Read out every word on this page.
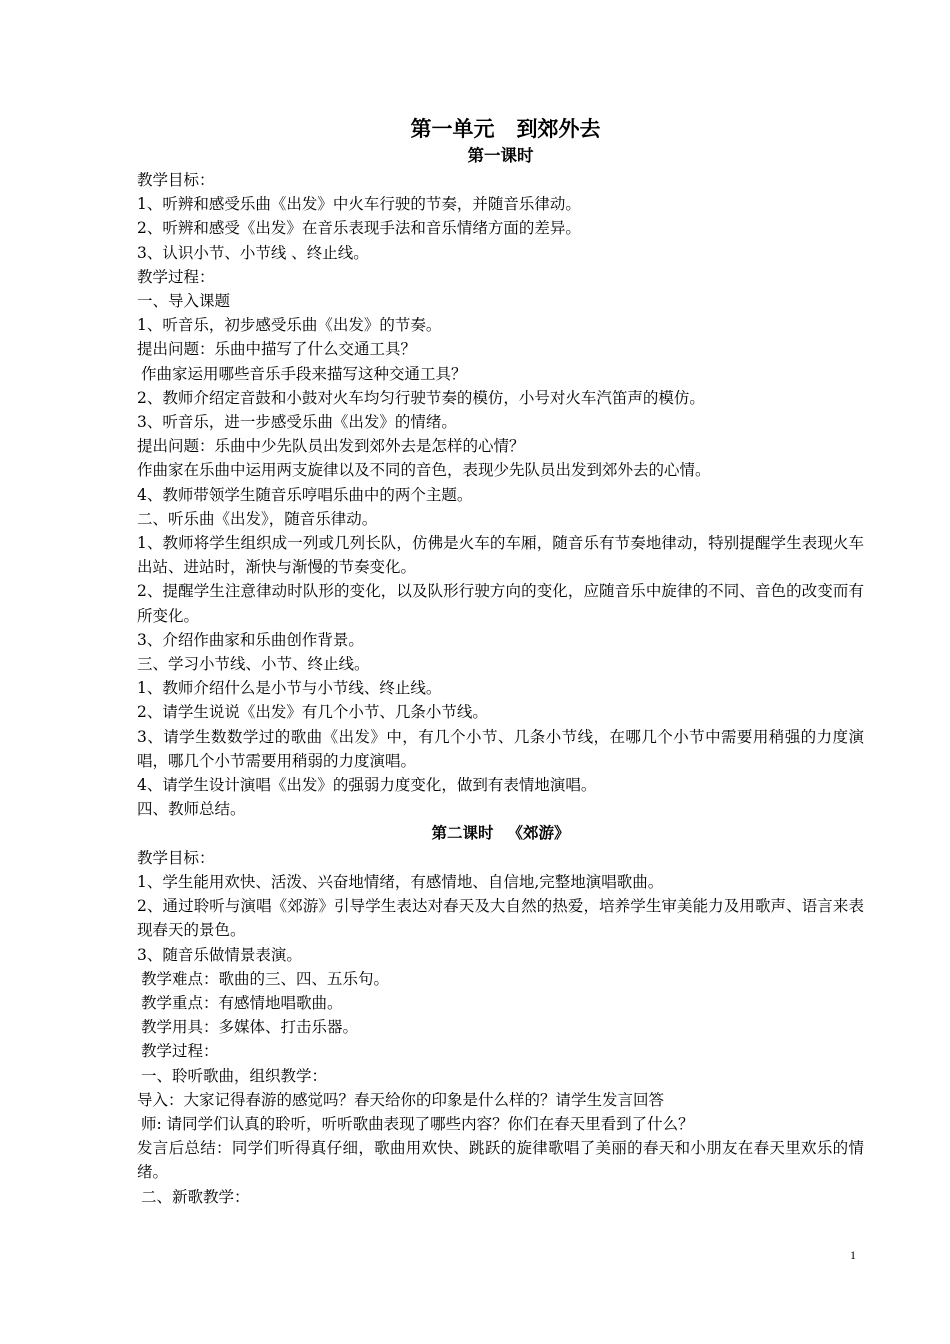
第一单元 到郊外去
第一课时
教学目标：
1、听辨和感受乐曲《出发》中火车行驶的节奏，并随音乐律动。
2、听辨和感受《出发》在音乐表现手法和音乐情绪方面的差异。
3、认识小节、小节线 、终止线。
教学过程：
一、导入课题
1、听音乐，初步感受乐曲《出发》的节奏。
提出问题：乐曲中描写了什么交通工具？
作曲家运用哪些音乐手段来描写这种交通工具？
2、教师介绍定音鼓和小鼓对火车均匀行驶节奏的模仿，小号对火车汽笛声的模仿。
3、听音乐，进一步感受乐曲《出发》的情绪。
提出问题：乐曲中少先队员出发到郊外去是怎样的心情？
作曲家在乐曲中运用两支旋律以及不同的音色，表现少先队员出发到郊外去的心情。
4、教师带领学生随音乐哼唱乐曲中的两个主题。
二、听乐曲《出发》，随音乐律动。
1、教师将学生组织成一列或几列长队，仿佛是火车的车厢，随音乐有节奏地律动，特别提醒学生表现火车出站、进站时，渐快与渐慢的节奏变化。
2、提醒学生注意律动时队形的变化，以及队形行驶方向的变化，应随音乐中旋律的不同、音色的改变而有所变化。
3、介绍作曲家和乐曲创作背景。
三、学习小节线、小节、终止线。
1、教师介绍什么是小节与小节线、终止线。
2、请学生说说《出发》有几个小节、几条小节线。
3、请学生数数学过的歌曲《出发》中，有几个小节、几条小节线，在哪几个小节中需要用稍强的力度演唱，哪几个小节需要用稍弱的力度演唱。
4、请学生设计演唱《出发》的强弱力度变化，做到有表情地演唱。
四、教师总结。
第二课时 《郊游》
教学目标：
1、学生能用欢快、活泼、兴奋地情绪，有感情地、自信地,完整地演唱歌曲。
2、通过聆听与演唱《郊游》引导学生表达对春天及大自然的热爱，培养学生审美能力及用歌声、语言来表现春天的景色。
3、随音乐做情景表演。
教学难点：歌曲的三、四、五乐句。
教学重点：有感情地唱歌曲。
教学用具：多媒体、打击乐器。
教学过程：
一、聆听歌曲，组织教学：
导入：大家记得春游的感觉吗？春天给你的印象是什么样的？请学生发言回答
师: 请同学们认真的聆听，听听歌曲表现了哪些内容？你们在春天里看到了什么？
发言后总结：同学们听得真仔细，歌曲用欢快、跳跃的旋律歌唱了美丽的春天和小朋友在春天里欢乐的情绪。
二、新歌教学：
1
